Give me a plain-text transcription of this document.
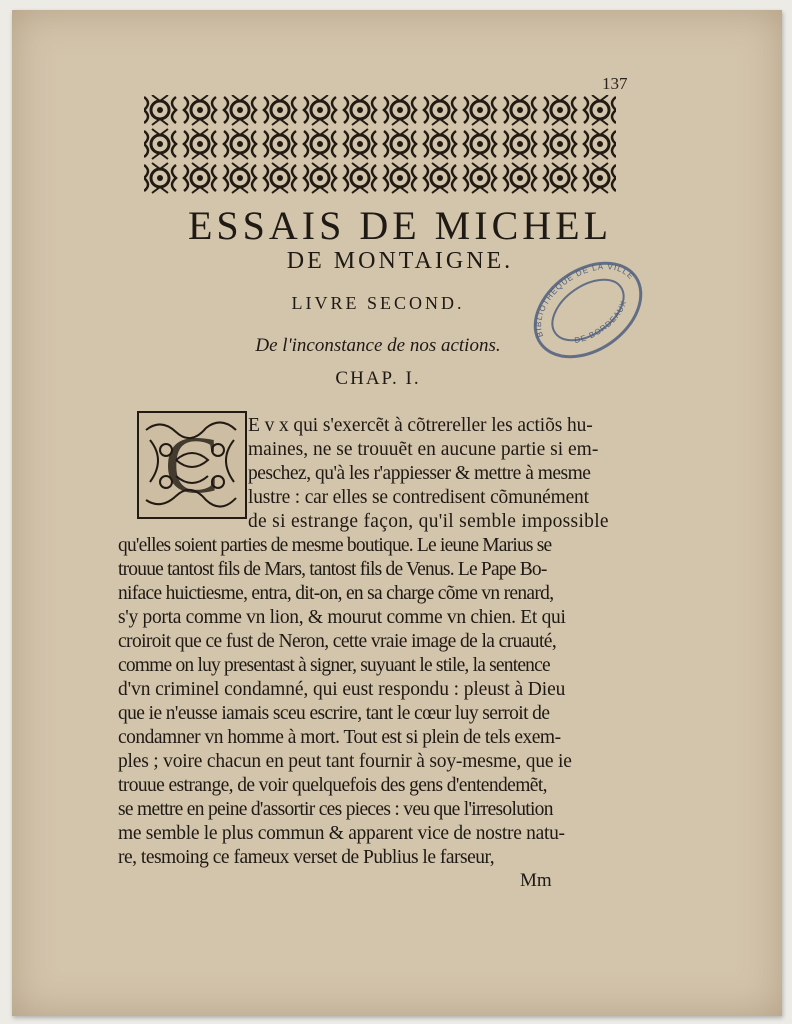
137
ESSAIS DE MICHEL
DE MONTAIGNE.
LIVRE SECOND.
De l'inconstance de nos actions.
CHAP. I.
BIBLIOTHEQUE DE LA VILLE
DE BORDEAUX
C E v x qui s'exercẽt à cõtrereller les actiõs hu-
maines, ne se trouuẽt en aucune partie si em-
peschez, qu'à les r'appiesser & mettre à mesme
lustre : car elles se contredisent cõmunément
de si estrange façon, qu'il semble impossible
qu'elles soient parties de mesme boutique. Le ieune Marius se
trouue tantost fils de Mars, tantost fils de Venus. Le Pape Bo-
niface huictiesme, entra, dit-on, en sa charge cõme vn renard,
s'y porta comme vn lion, & mourut comme vn chien. Et qui
croiroit que ce fust de Neron, cette vraie image de la cruauté,
comme on luy presentast à signer, suyuant le stile, la sentence
d'vn criminel condamné, qui eust respondu : pleust à Dieu
que ie n'eusse iamais sceu escrire, tant le cœur luy serroit de
condamner vn homme à mort. Tout est si plein de tels exem-
ples ; voire chacun en peut tant fournir à soy-mesme, que ie
trouue estrange, de voir quelquefois des gens d'entendemẽt,
se mettre en peine d'assortir ces pieces : veu que l'irresolution
me semble le plus commun & apparent vice de nostre natu-
re, tesmoing ce fameux verset de Publius le farseur,
Mm
